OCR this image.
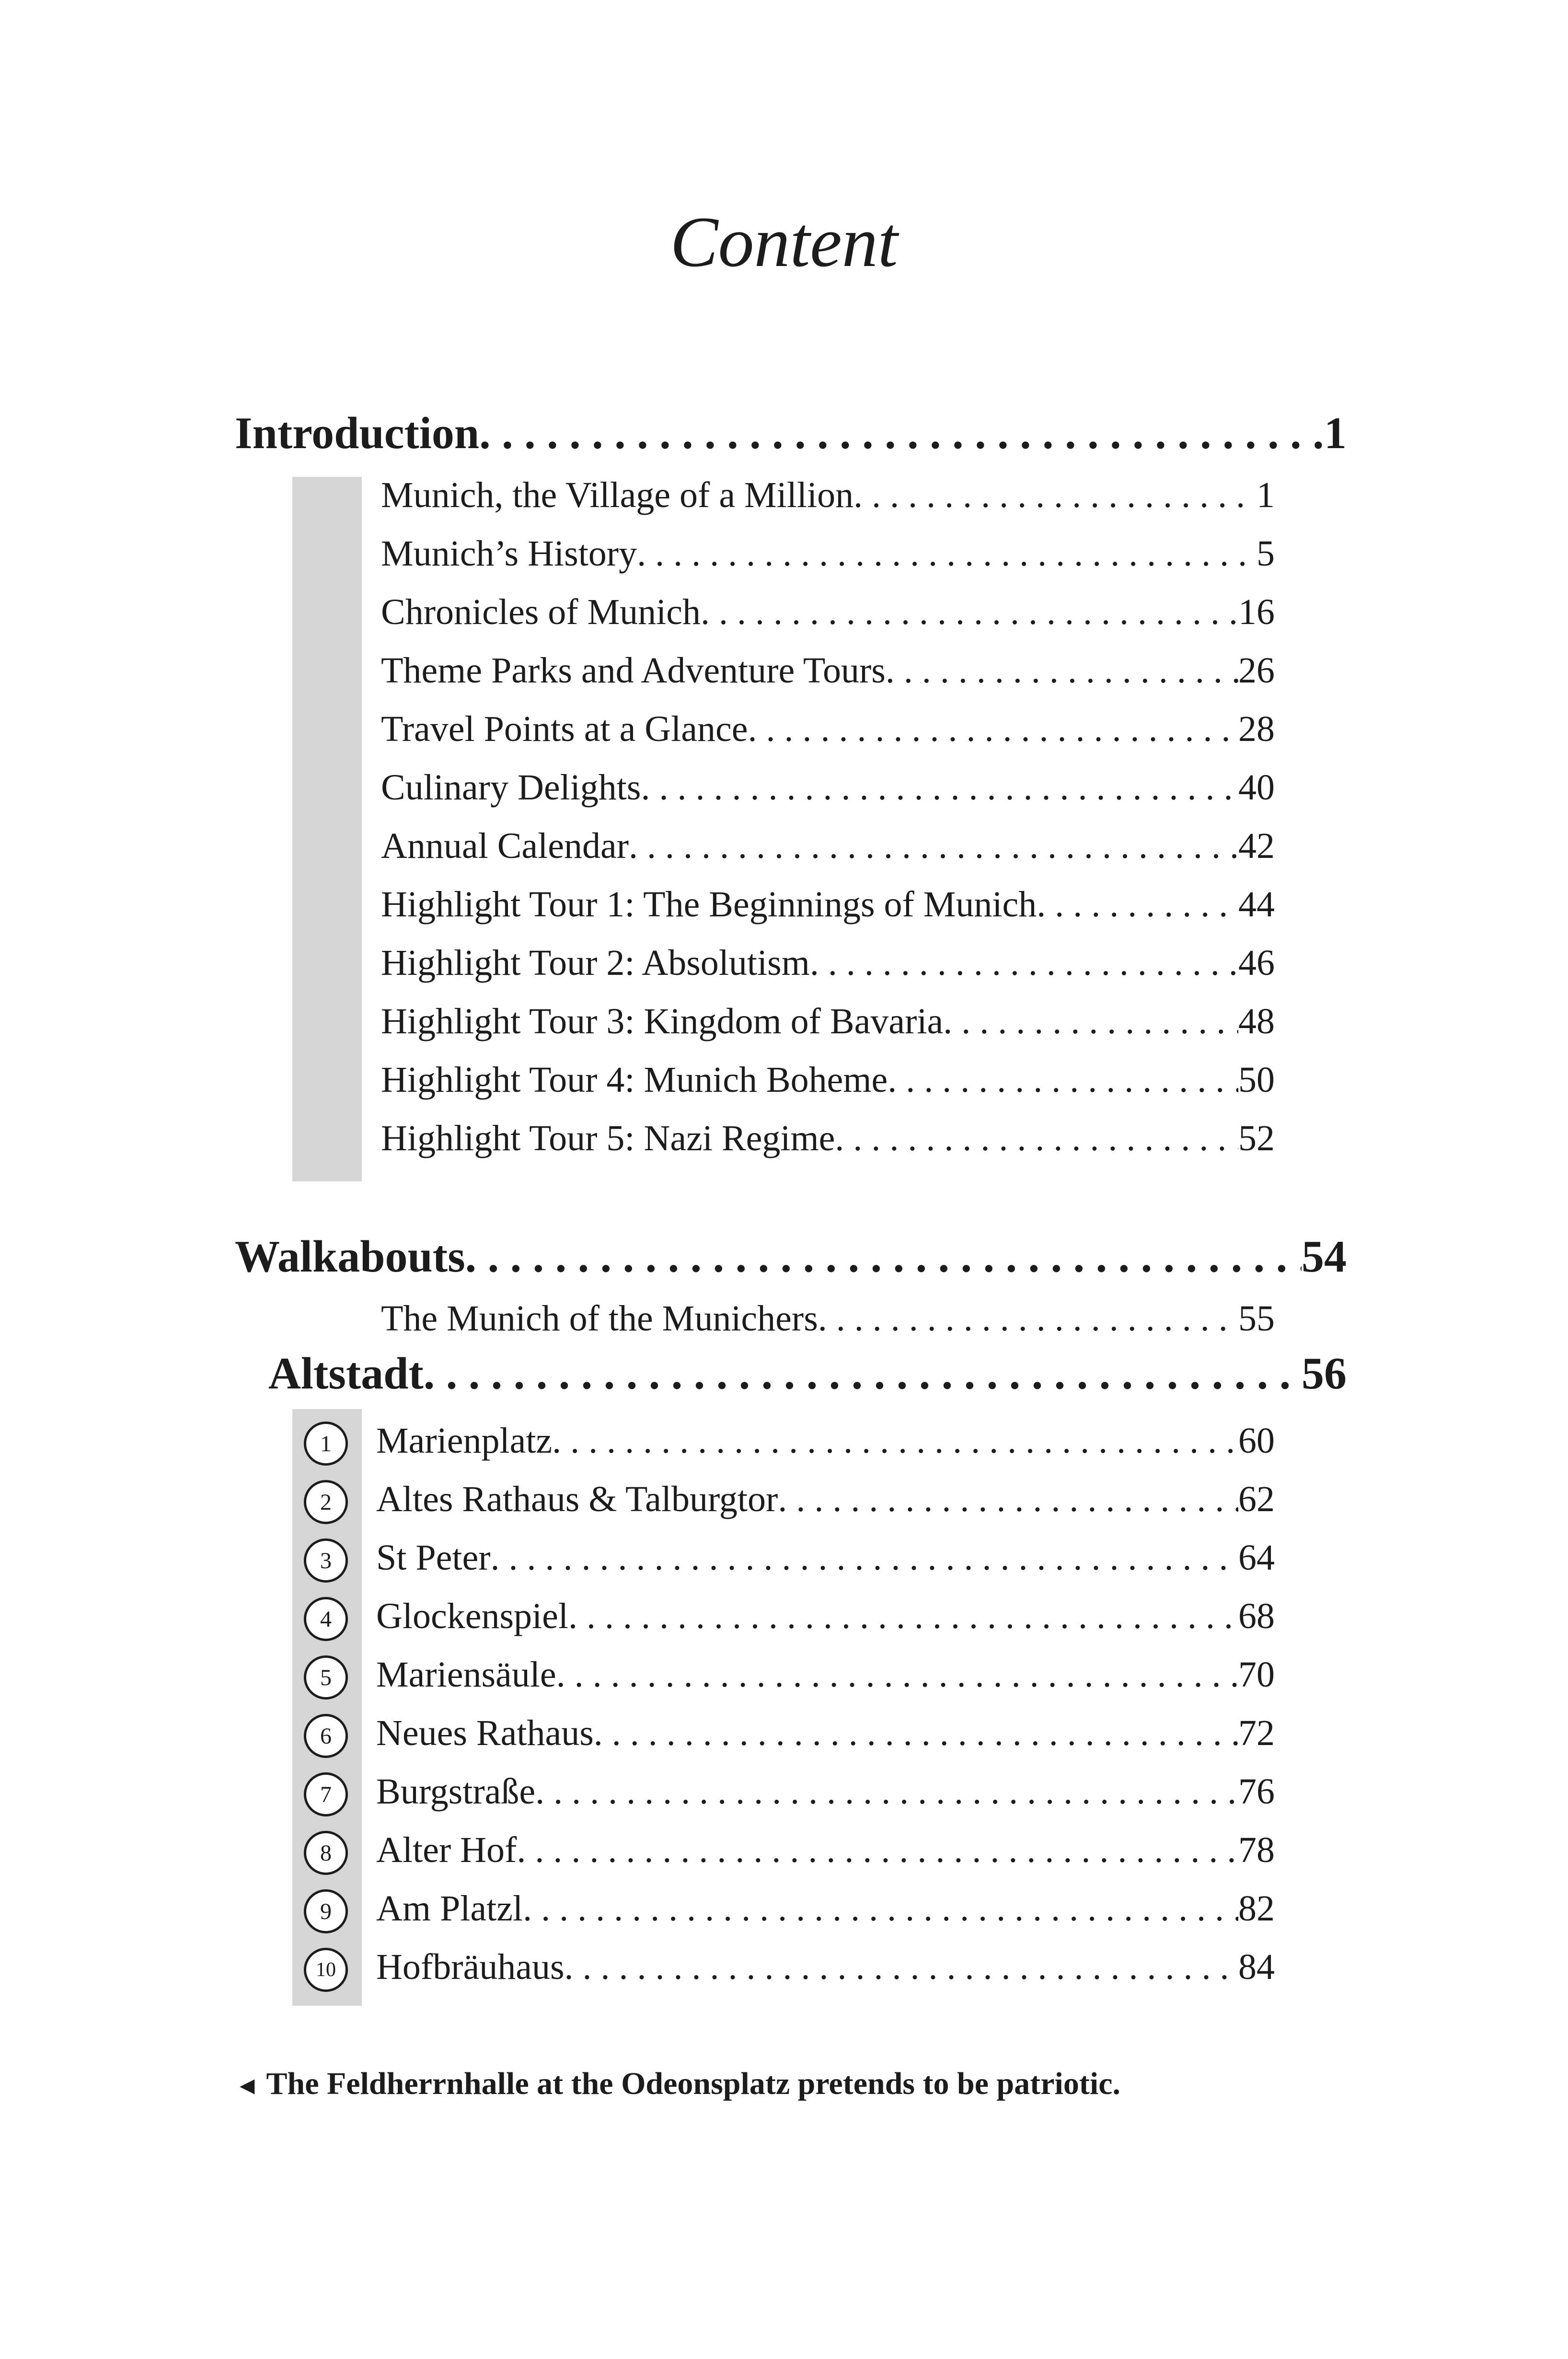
Content
Introduction . . .	1
Munich, the Village of a Million . . .	1
Munich’s History . . .	5
Chronicles of Munich . . .	16
Theme Parks and Adventure Tours . . .	26
Travel Points at a Glance . . .	28
Culinary Delights . . .	40
Annual Calendar . . .	42
Highlight Tour 1: The Beginnings of Munich . . .	44
Highlight Tour 2: Absolutism . . .	46
Highlight Tour 3: Kingdom of Bavaria . . .	48
Highlight Tour 4: Munich Boheme . . .	50
Highlight Tour 5: Nazi Regime . . .	52
Walkabouts . . .	54
The Munich of the Munichers . . .	55
Altstadt . . .	56
1	Marienplatz . . .	60
2	Altes Rathaus & Talburgtor . . .	62
3	St Peter . . .	64
4	Glockenspiel . . .	68
5	Mariensäule . . .	70
6	Neues Rathaus . . .	72
7	Burgstraße . . .	76
8	Alter Hof . . .	78
9	Am Platzl . . .	82
10	Hofbräuhaus . . .	84
◄ The Feldherrnhalle at the Odeonsplatz pretends to be patriotic.
